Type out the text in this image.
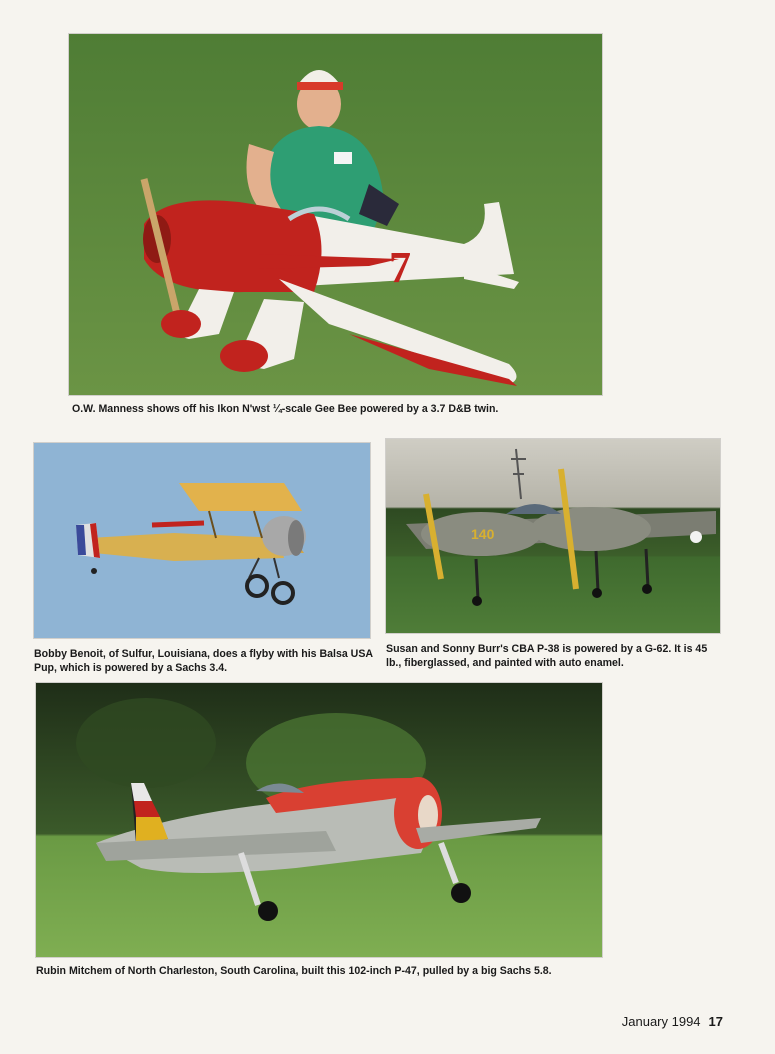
7
O.W. Manness shows off his Ikon N'wst ¼-scale Gee Bee powered by a 3.7 D&B twin.
Bobby Benoit, of Sulfur, Louisiana, does a flyby with his Balsa USA Pup, which is powered by a Sachs 3.4.
140
Susan and Sonny Burr's CBA P-38 is powered by a G-62. It is 45 lb., fiberglassed, and painted with auto enamel.
Rubin Mitchem of North Charleston, South Carolina, built this 102-inch P-47, pulled by a big Sachs 5.8.
January 1994 17
